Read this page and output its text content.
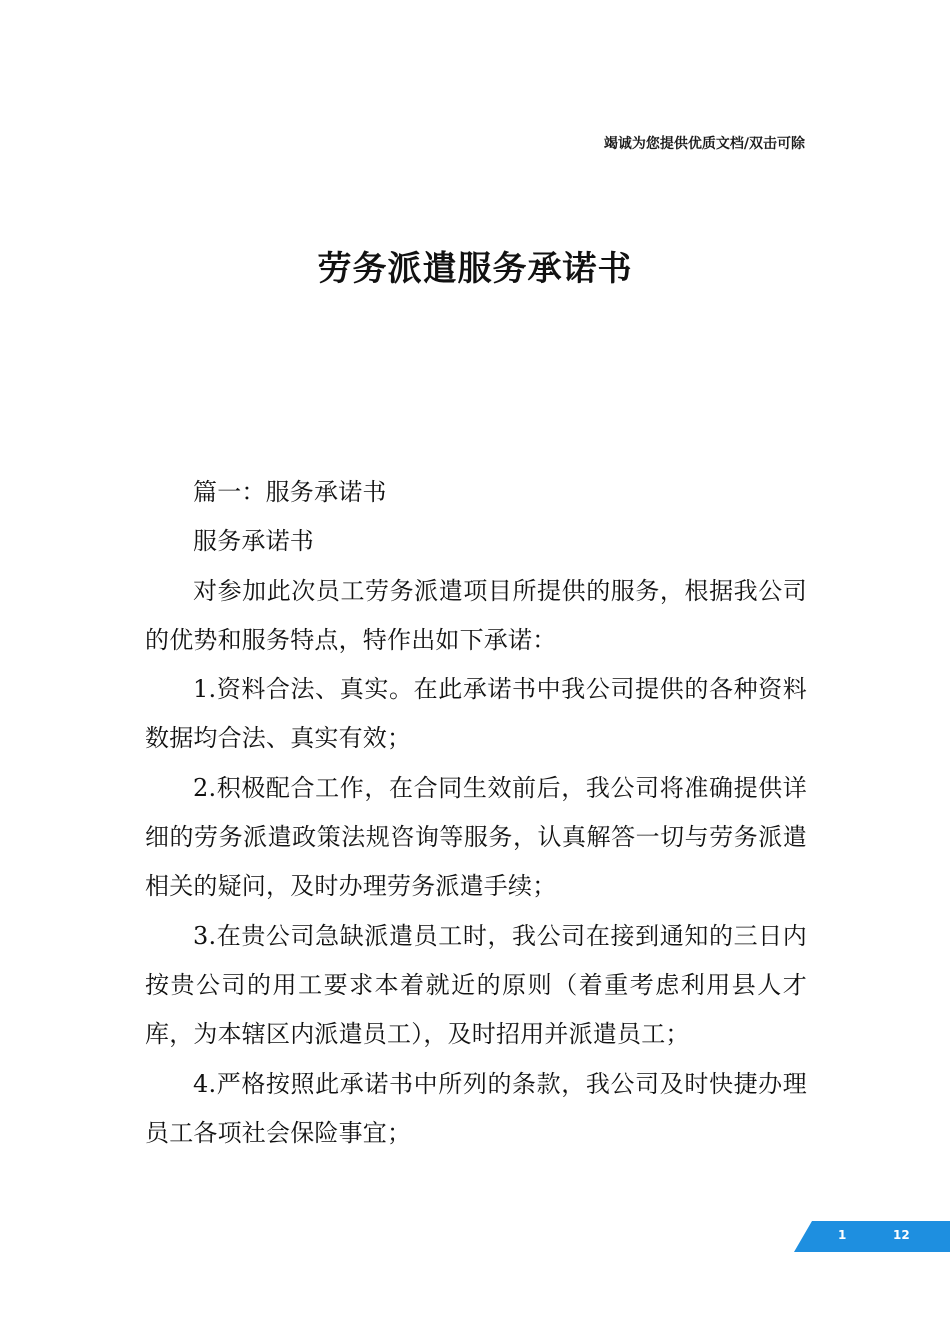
竭诚为您提供优质文档/双击可除
劳务派遣服务承诺书

篇一：服务承诺书

服务承诺书

对参加此次员工劳务派遣项目所提供的服务，根据我公司的优势和服务特点，特作出如下承诺：

1.资料合法、真实。在此承诺书中我公司提供的各种资料数据均合法、真实有效；

2.积极配合工作，在合同生效前后，我公司将准确提供详细的劳务派遣政策法规咨询等服务，认真解答一切与劳务派遣相关的疑问，及时办理劳务派遣手续；

3.在贵公司急缺派遣员工时，我公司在接到通知的三日内按贵公司的用工要求本着就近的原则（着重考虑利用县人才库，为本辖区内派遣员工），及时招用并派遣员工；

4.严格按照此承诺书中所列的条款，我公司及时快捷办理员工各项社会保险事宜；

1	12
